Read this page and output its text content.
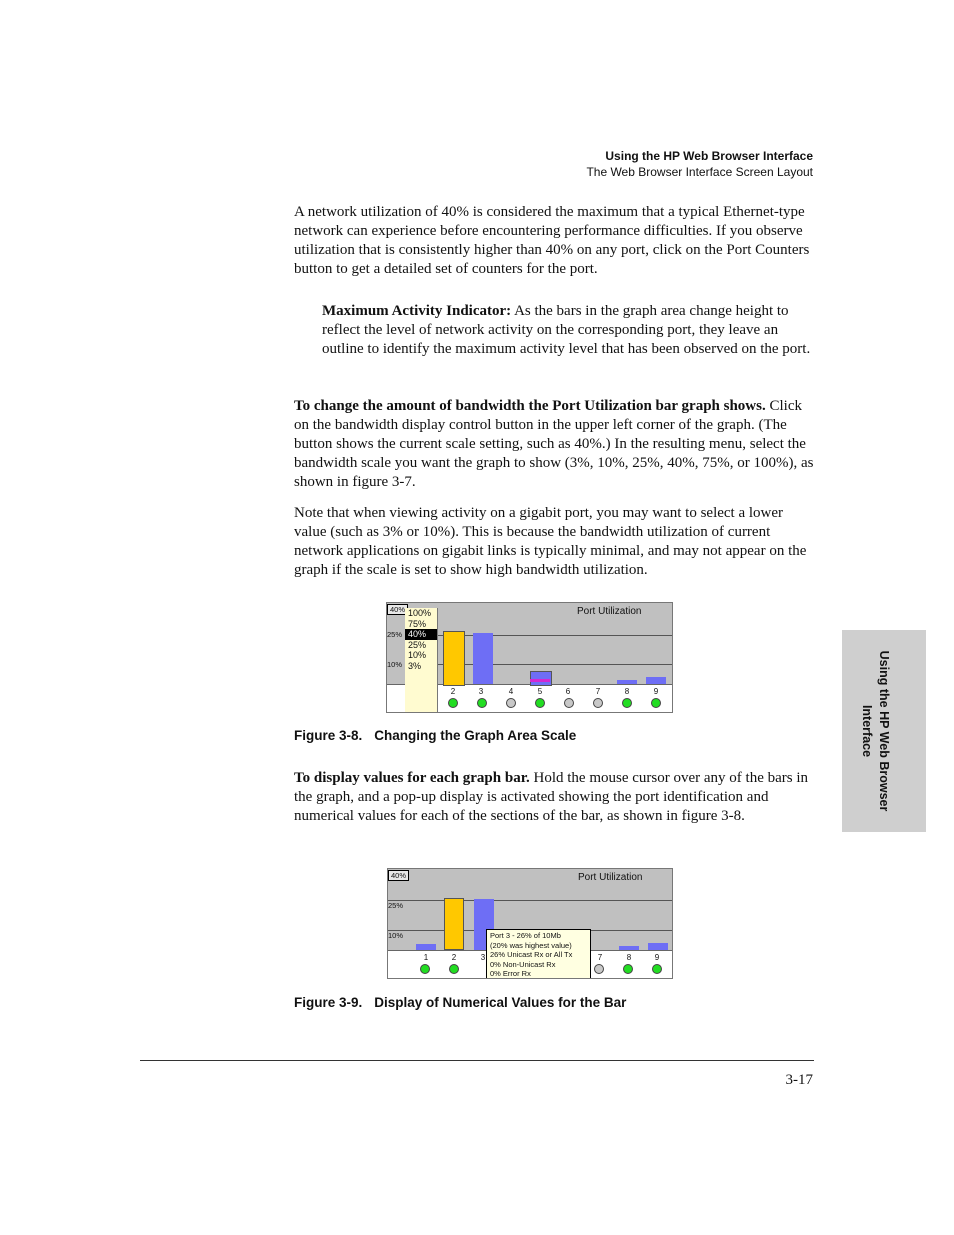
Using the HP Web Browser Interface
The Web Browser Interface Screen Layout

A network utilization of 40% is considered the maximum that a typical Ethernet-type network can experience before encountering performance difficulties. If you observe utilization that is consistently higher than 40% on any port, click on the Port Counters button to get a detailed set of counters for the port.

Maximum Activity Indicator: As the bars in the graph area change height to reflect the level of network activity on the corresponding port, they leave an outline to identify the maximum activity level that has been observed on the port.

To change the amount of bandwidth the Port Utilization bar graph shows. Click on the bandwidth display control button in the upper left corner of the graph. (The button shows the current scale setting, such as 40%.) In the resulting menu, select the bandwidth scale you want the graph to show (3%, 10%, 25%, 40%, 75%, or 100%), as shown in figure 3-7.

Note that when viewing activity on a gigabit port, you may want to select a lower value (such as 3% or 10%). This is because the bandwidth utilization of current network applications on gigabit links is typically minimal, and may not appear on the graph if the scale is set to show high bandwidth utilization.

Port Utilization
25%
10%
40%
2	3	4	5	6	7	8	9
100%
75%
40%
25%
10%
3%
Figure 3-8. Changing the Graph Area Scale

To display values for each graph bar. Hold the mouse cursor over any of the bars in the graph, and a pop-up display is activated showing the port identification and numerical values for each of the sections of the bar, as shown in figure 3-8.

Port Utilization
25%
10%
40%
1	2	3	7	8	9
Port 3 - 26% of 10Mb
(20% was highest value)
26% Unicast Rx or All Tx
0% Non-Unicast Rx
0% Error Rx
Figure 3-9. Display of Numerical Values for the Bar
Using the HP Web Browser Interface
3-17
